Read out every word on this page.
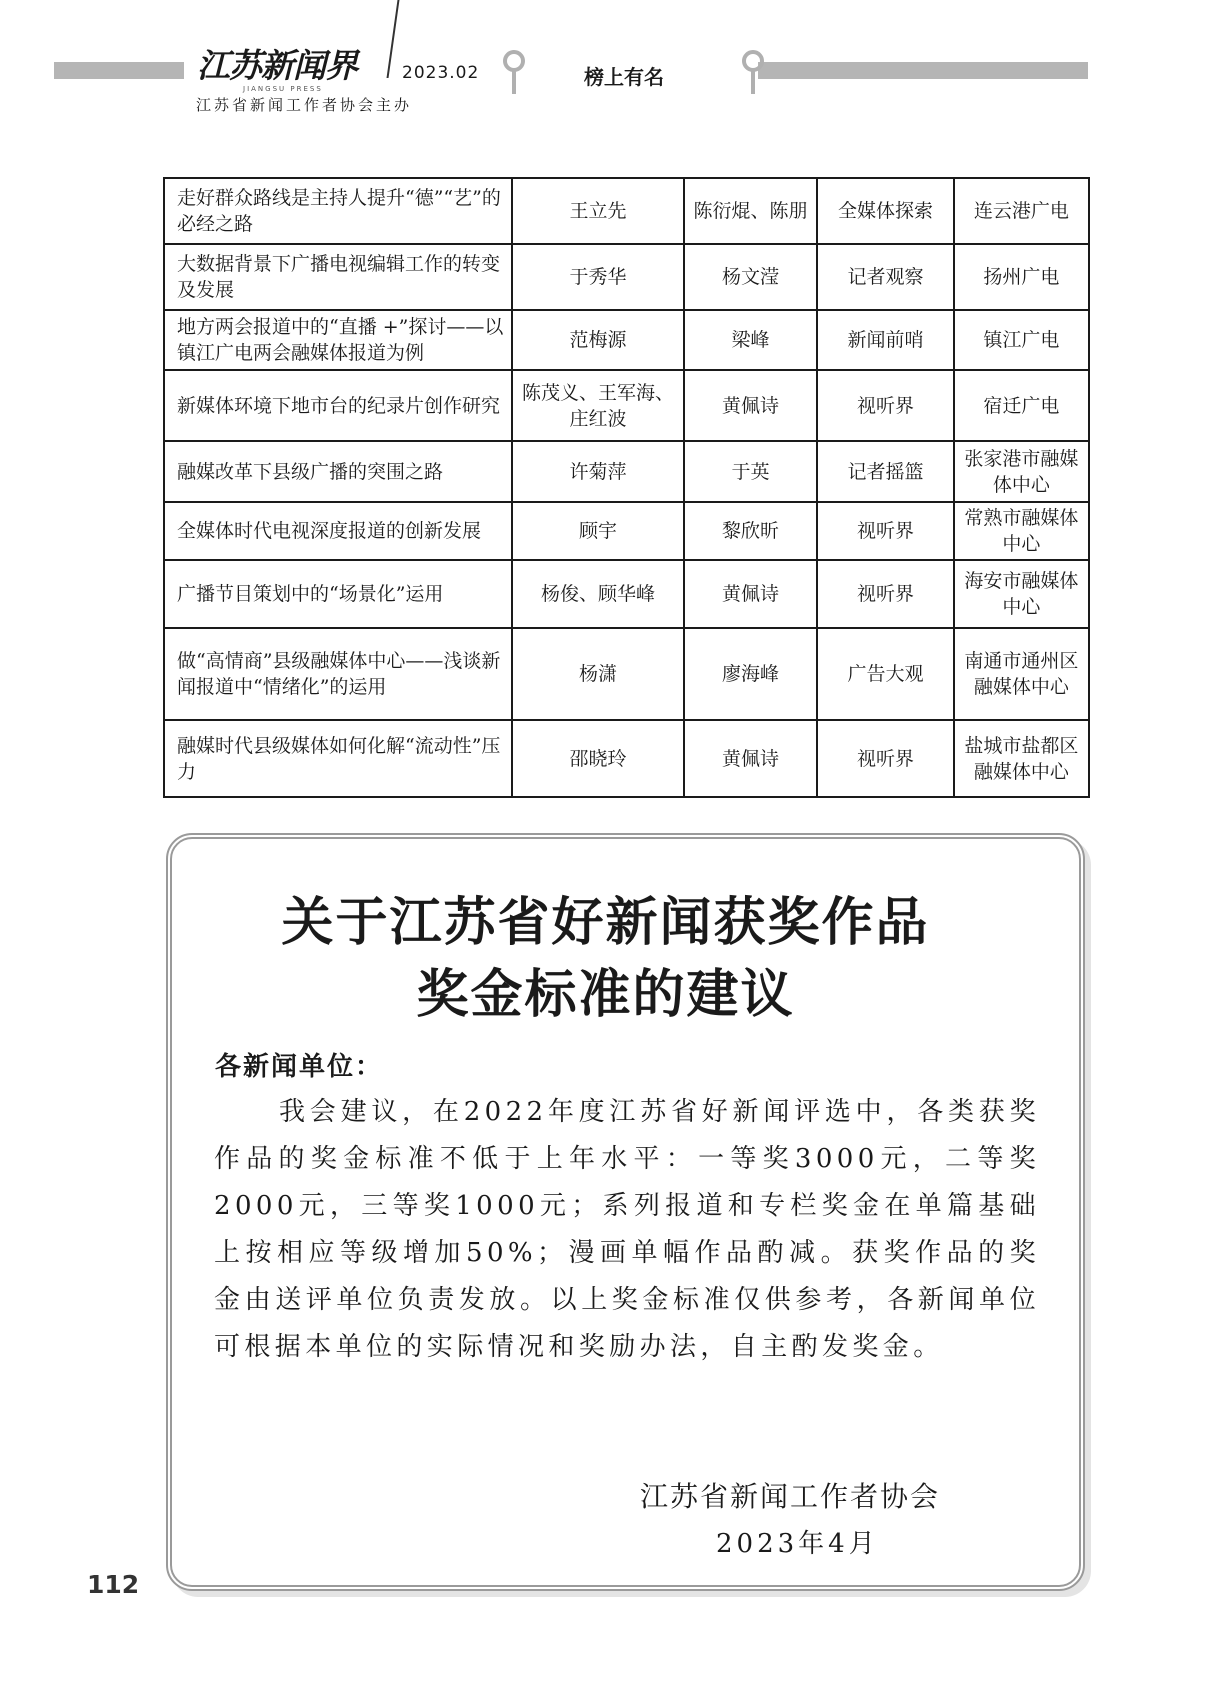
江苏新闻界
JIANGSU PRESS
2023.02
江苏省新闻工作者协会主办
榜上有名
走好群众路线是主持人提升“德”“艺”的必经之路	王立先	陈衍焜、陈朋	全媒体探索	连云港广电
大数据背景下广播电视编辑工作的转变及发展	于秀华	杨文滢	记者观察	扬州广电
地方两会报道中的“直播 +”探讨——以镇江广电两会融媒体报道为例	范梅源	梁峰	新闻前哨	镇江广电
新媒体环境下地市台的纪录片创作研究	陈茂义、王军海、庄红波	黄佩诗	视听界	宿迁广电
融媒改革下县级广播的突围之路	许菊萍	于英	记者摇篮	张家港市融媒体中心
全媒体时代电视深度报道的创新发展	顾宇	黎欣昕	视听界	常熟市融媒体中心
广播节目策划中的“场景化”运用	杨俊、顾华峰	黄佩诗	视听界	海安市融媒体中心
做“高情商”县级融媒体中心——浅谈新闻报道中“情绪化”的运用	杨潇	廖海峰	广告大观	南通市通州区融媒体中心
融媒时代县级媒体如何化解“流动性”压力	邵晓玲	黄佩诗	视听界	盐城市盐都区融媒体中心
关于江苏省好新闻获奖作品
奖金标准的建议
各新闻单位：
我会建议，在2022年度江苏省好新闻评选中，各类获奖作品的奖金标准不低于上年水平：一等奖3000元，二等奖2000元，三等奖1000元；系列报道和专栏奖金在单篇基础上按相应等级增加50%；漫画单幅作品酌减。获奖作品的奖金由送评单位负责发放。以上奖金标准仅供参考，各新闻单位可根据本单位的实际情况和奖励办法，自主酌发奖金。
江苏省新闻工作者协会
2023年4月
112
